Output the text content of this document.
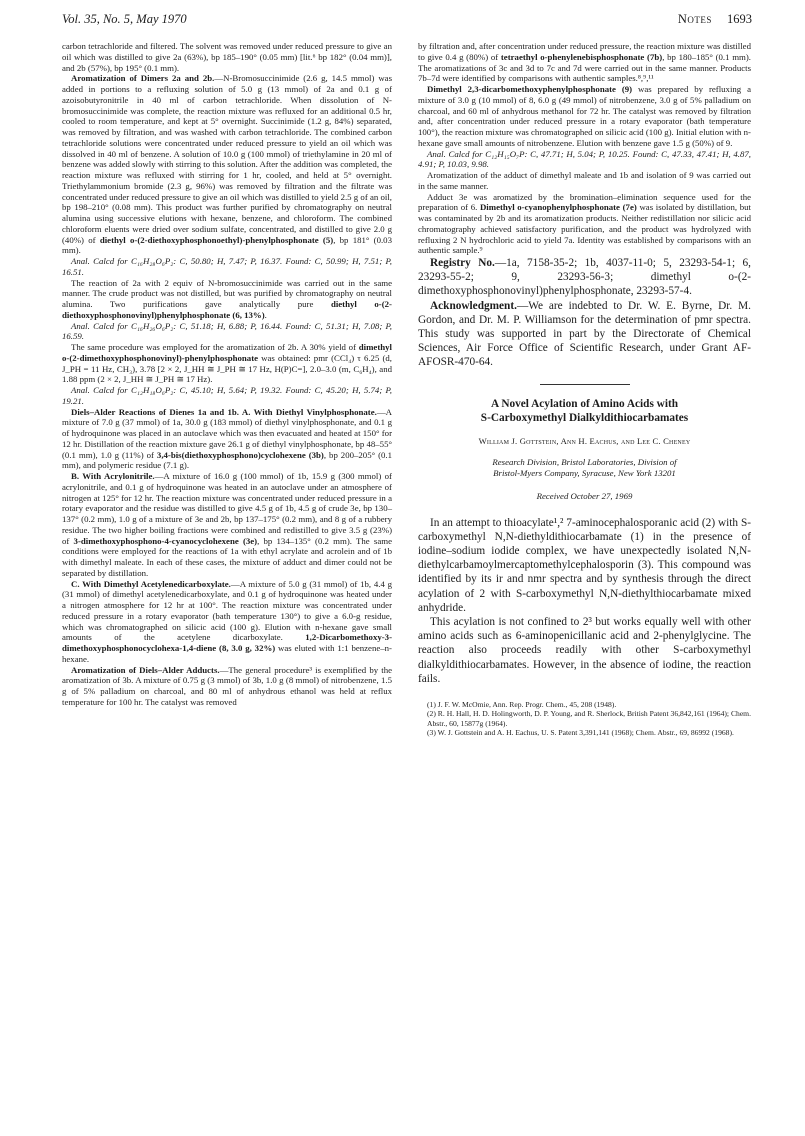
Vol. 35, No. 5, May 1970	Notes 1693

carbon tetrachloride and filtered. The solvent was removed under reduced pressure to give an oil which was distilled to give 2a (63%), bp 185–190° (0.05 mm) [lit.⁶ bp 182° (0.04 mm)], and 2b (57%), bp 195° (0.1 mm).

Aromatization of Dimers 2a and 2b.—N-Bromosuccinimide (2.6 g, 14.5 mmol) was added in portions to a refluxing solution of 5.0 g (13 mmol) of 2a and 0.1 g of azoisobutyronitrile in 40 ml of carbon tetrachloride. When dissolution of N-bromosuccinimide was complete, the reaction mixture was refluxed for an additional 0.5 hr, cooled to room temperature, and kept at 5° overnight. Succinimide (1.2 g, 84%) separated, was removed by filtration, and was washed with carbon tetrachloride. The combined carbon tetrachloride solutions were concentrated under reduced pressure to yield an oil which was dissolved in 40 ml of benzene. A solution of 10.0 g (100 mmol) of triethylamine in 20 ml of benzene was added slowly with stirring to this solution. After the addition was completed, the reaction mixture was refluxed with stirring for 1 hr, cooled, and held at 5° overnight. Triethylammonium bromide (2.3 g, 96%) was removed by filtration and the filtrate was concentrated under reduced pressure to give an oil which was distilled to yield 2.5 g of an oil, bp 198–210° (0.08 mm). This product was further purified by chromatography on neutral alumina using successive elutions with hexane, benzene, and chloroform. The combined chloroform eluents were dried over sodium sulfate, concentrated, and distilled to give 2.0 g (40%) of diethyl o-(2-diethoxyphosphonoethyl)-phenylphosphonate (5), bp 181° (0.03 mm).

Anal. Calcd for C₁₆H₂₈O₆P₂: C, 50.80; H, 7.47; P, 16.37. Found: C, 50.99; H, 7.51; P, 16.51.

The reaction of 2a with 2 equiv of N-bromosuccinimide was carried out in the same manner. The crude product was not distilled, but was purified by chromatography on neutral alumina. Two purifications gave analytically pure diethyl o-(2-diethoxyphosphonovinyl)phenylphosphonate (6, 13%).

Anal. Calcd for C₁₆H₂₆O₆P₂: C, 51.18; H, 6.88; P, 16.44. Found: C, 51.31; H, 7.08; P, 16.59.

The same procedure was employed for the aromatization of 2b. A 30% yield of dimethyl o-(2-dimethoxyphosphonovinyl)-phenylphosphonate was obtained: pmr (CCl₄) τ 6.25 (d, J_PH = 11 Hz, CH₃), 3.78 [2 × 2, J_HH ≅ J_PH ≅ 17 Hz, H(P)C=], 2.0–3.0 (m, C₆H₄), and 1.88 ppm (2 × 2, J_HH ≅ J_PH ≅ 17 Hz).

Anal. Calcd for C₁₂H₁₈O₆P₂: C, 45.10; H, 5.64; P, 19.32. Found: C, 45.20; H, 5.74; P, 19.21.

Diels–Alder Reactions of Dienes 1a and 1b. A. With Diethyl Vinylphosphonate.—A mixture of 7.0 g (37 mmol) of 1a, 30.0 g (183 mmol) of diethyl vinylphosphonate, and 0.1 g of hydroquinone was placed in an autoclave which was then evacuated and heated at 150° for 12 hr. Distillation of the reaction mixture gave 26.1 g of diethyl vinylphosphonate, bp 48–55° (0.1 mm), 1.0 g (11%) of 3,4-bis(diethoxyphosphono)cyclohexene (3b), bp 200–205° (0.1 mm), and polymeric residue (7.1 g).

B. With Acrylonitrile.—A mixture of 16.0 g (100 mmol) of 1b, 15.9 g (300 mmol) of acrylonitrile, and 0.1 g of hydroquinone was heated in an autoclave under an atmosphere of nitrogen at 125° for 12 hr. The reaction mixture was concentrated under reduced pressure in a rotary evaporator and the residue was distilled to give 4.5 g of 1b, 4.5 g of crude 3e, bp 130–137° (0.2 mm), 1.0 g of a mixture of 3e and 2b, bp 137–175° (0.2 mm), and 8 g of a rubbery residue. The two higher boiling fractions were combined and redistilled to give 3.5 g (23%) of 3-dimethoxyphosphono-4-cyanocyclohexene (3e), bp 134–135° (0.2 mm). The same conditions were employed for the reactions of 1a with ethyl acrylate and acrolein and of 1b with dimethyl maleate. In each of these cases, the mixture of adduct and dimer could not be separated by distillation.

C. With Dimethyl Acetylenedicarboxylate.—A mixture of 5.0 g (31 mmol) of 1b, 4.4 g (31 mmol) of dimethyl acetylenedicarboxylate, and 0.1 g of hydroquinone was heated under a nitrogen atmosphere for 12 hr at 100°. The reaction mixture was concentrated under reduced pressure in a rotary evaporator (bath temperature 130°) to give a 6.0-g residue, which was chromatographed on silicic acid (100 g). Elution with n-hexane gave small amounts of the acetylene dicarboxylate. 1,2-Dicarbomethoxy-3-dimethoxyphosphonocyclohexa-1,4-diene (8, 3.0 g, 32%) was eluted with 1:1 benzene–n-hexane.

Aromatization of Diels–Alder Adducts.—The general procedure³ is exemplified by the aromatization of 3b. A mixture of 0.75 g (3 mmol) of 3b, 1.0 g (8 mmol) of nitrobenzene, 1.5 g of 5% palladium on charcoal, and 80 ml of anhydrous ethanol was held at reflux temperature for 100 hr. The catalyst was removed

by filtration and, after concentration under reduced pressure, the reaction mixture was distilled to give 0.4 g (80%) of tetraethyl o-phenylenebisphosphonate (7b), bp 180–185° (0.1 mm). The aromatizations of 3c and 3d to 7c and 7d were carried out in the same manner. Products 7b–7d were identified by comparisons with authentic samples.⁸,⁹,¹¹

Dimethyl 2,3-dicarbomethoxyphenylphosphonate (9) was prepared by refluxing a mixture of 3.0 g (10 mmol) of 8, 6.0 g (49 mmol) of nitrobenzene, 3.0 g of 5% palladium on charcoal, and 60 ml of anhydrous methanol for 72 hr. The catalyst was removed by filtration and, after concentration under reduced pressure in a rotary evaporator (bath temperature 100°), the reaction mixture was chromatographed on silicic acid (100 g). Initial elution with n-hexane gave small amounts of nitrobenzene. Elution with benzene gave 1.5 g (50%) of 9.

Anal. Calcd for C₁₂H₁₅O₇P: C, 47.71; H, 5.04; P, 10.25. Found: C, 47.33, 47.41; H, 4.87, 4.91; P, 10.03, 9.98.

Aromatization of the adduct of dimethyl maleate and 1b and isolation of 9 was carried out in the same manner.

Adduct 3e was aromatized by the bromination–elimination sequence used for the preparation of 6. Dimethyl o-cyanophenylphosphonate (7e) was isolated by distillation, but was contaminated by 2b and its aromatization products. Neither redistillation nor silicic acid chromatography achieved satisfactory purification, and the product was hydrolyzed with refluxing 2 N hydrochloric acid to yield 7a. Identity was established by comparisons with an authentic sample.⁹

Registry No.—1a, 7158-35-2; 1b, 4037-11-0; 5, 23293-54-1; 6, 23293-55-2; 9, 23293-56-3; dimethyl o-(2-dimethoxyphosphonovinyl)phenylphosphonate, 23293-57-4.

Acknowledgment.—We are indebted to Dr. W. E. Byrne, Dr. M. Gordon, and Dr. M. P. Williamson for the determination of pmr spectra. This study was supported in part by the Directorate of Chemical Sciences, Air Force Office of Scientific Research, under Grant AF-AFOSR-470-64.

A Novel Acylation of Amino Acids with
S-Carboxymethyl Dialkyldithiocarbamates

William J. Gottstein, Ann H. Eachus, and Lee C. Cheney

Research Division, Bristol Laboratories, Division of
Bristol-Myers Company, Syracuse, New York 13201

Received October 27, 1969

In an attempt to thioacylate¹,² 7-aminocephalosporanic acid (2) with S-carboxymethyl N,N-diethyldithiocarbamate (1) in the presence of iodine–sodium iodide complex, we have unexpectedly isolated N,N-diethylcarbamoylmercaptomethylcephalosporin (3). This compound was identified by its ir and nmr spectra and by synthesis through the direct acylation of 2 with S-carboxymethyl N,N-diethylthiocarbamate mixed anhydride.

This acylation is not confined to 2³ but works equally well with other amino acids such as 6-aminopenicillanic acid and 2-phenylglycine. The reaction also proceeds readily with other S-carboxymethyl dialkyldithiocarbamates. However, in the absence of iodine, the reaction fails.

(1) J. F. W. McOmie, Ann. Rep. Progr. Chem., 45, 208 (1948).

(2) R. H. Hall, H. D. Holingworth, D. P. Young, and R. Sherlock, British Patent 36,842,161 (1964); Chem. Abstr., 60, 15877g (1964).

(3) W. J. Gottstein and A. H. Eachus, U. S. Patent 3,391,141 (1968); Chem. Abstr., 69, 86992 (1968).
